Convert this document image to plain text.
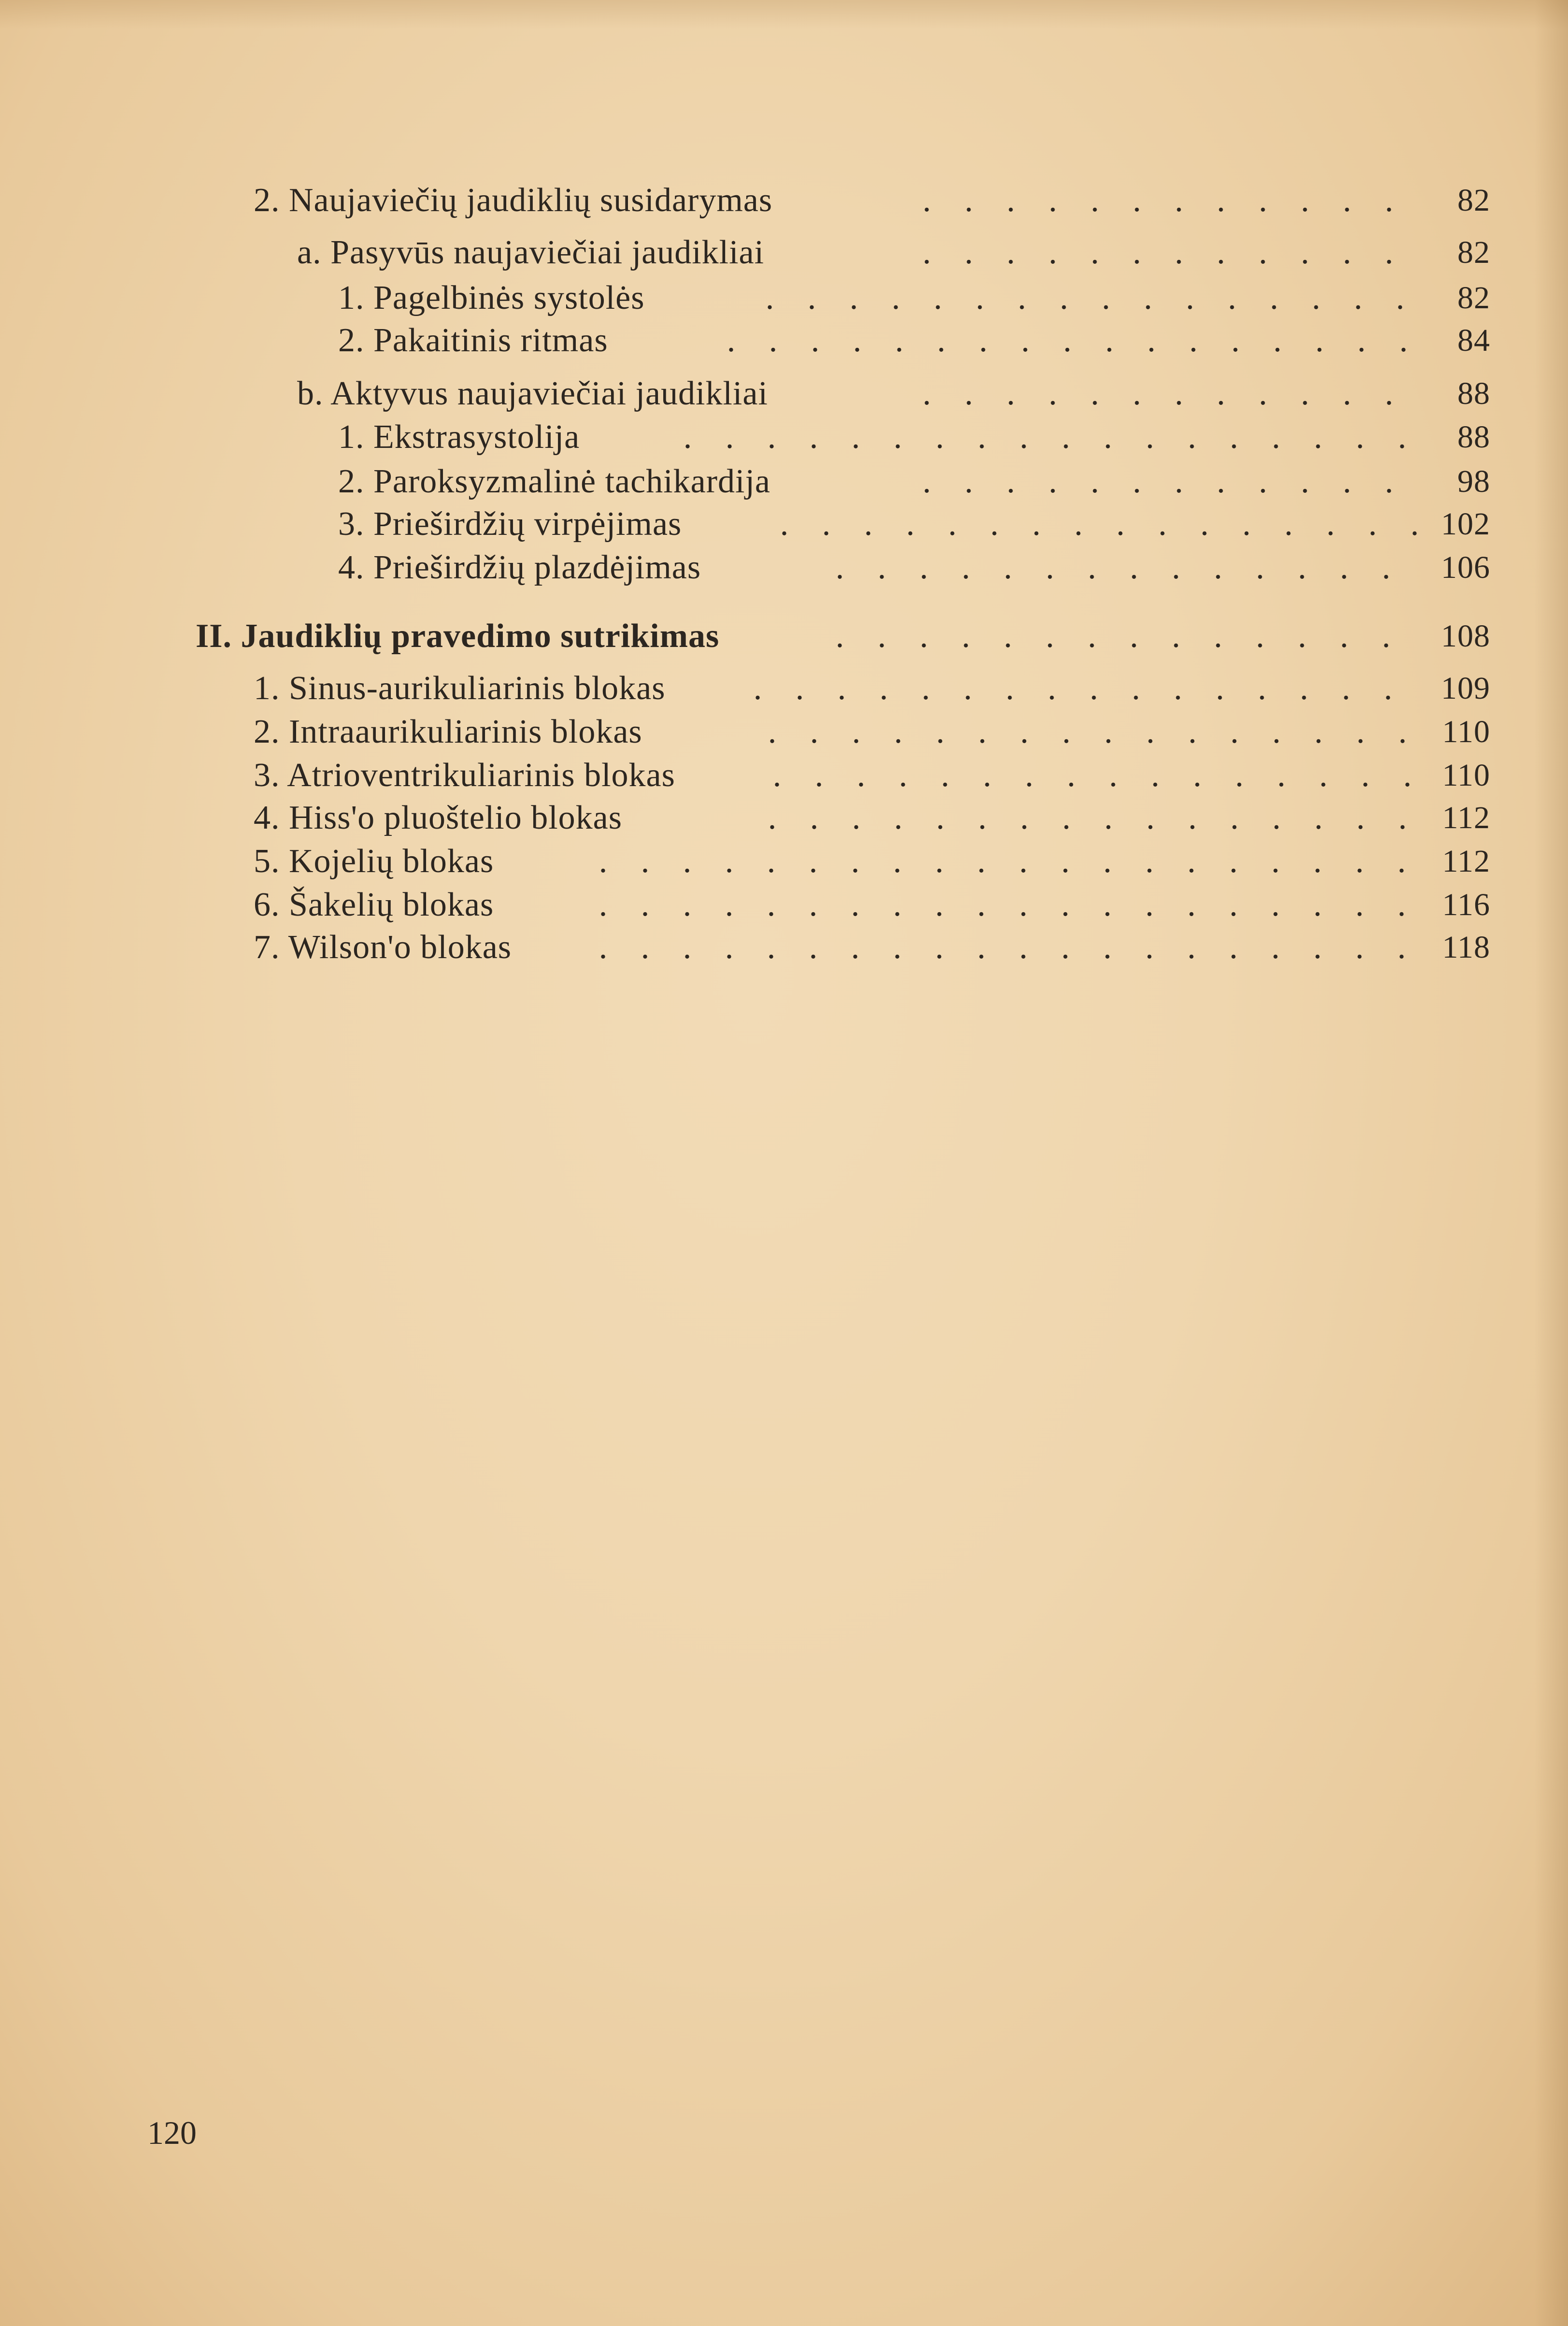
2. Naujaviečių jaudiklių susidarymas	. . . . . . . . . . . .	82
a. Pasyvūs naujaviečiai jaudikliai	. . . . . . . . . . . .	82
1. Pagelbinės systolės	. . . . . . . . . . . . . . . .	82
2. Pakaitinis ritmas	. . . . . . . . . . . . . . . . .	84
b. Aktyvus naujaviečiai jaudikliai	. . . . . . . . . . . .	88
1. Ekstrasystolija	. . . . . . . . . . . . . . . . . .	88
2. Paroksyzmalinė tachikardija	. . . . . . . . . . . .	98
3. Prieširdžių virpėjimas	. . . . . . . . . . . . . . . . 102
4. Prieširdžių plazdėjimas	. . . . . . . . . . . . . .	106
II. Jaudiklių pravedimo sutrikimas	. . . . . . . . . . . . . .	108
1. Sinus-aurikuliarinis blokas	. . . . . . . . . . . . . . . .	109
2. Intraaurikuliarinis blokas	. . . . . . . . . . . . . . . .	110
3. Atrioventrikuliarinis blokas	. . . . . . . . . . . . . . . . 110
4. Hiss'o pluoštelio blokas	. . . . . . . . . . . . . . . .	112
5. Kojelių blokas	. . . . . . . . . . . . . . . . . . . .	112
6. Šakelių blokas	. . . . . . . . . . . . . . . . . . . .	116
7. Wilson'o blokas	. . . . . . . . . . . . . . . . . . . .	118
120
